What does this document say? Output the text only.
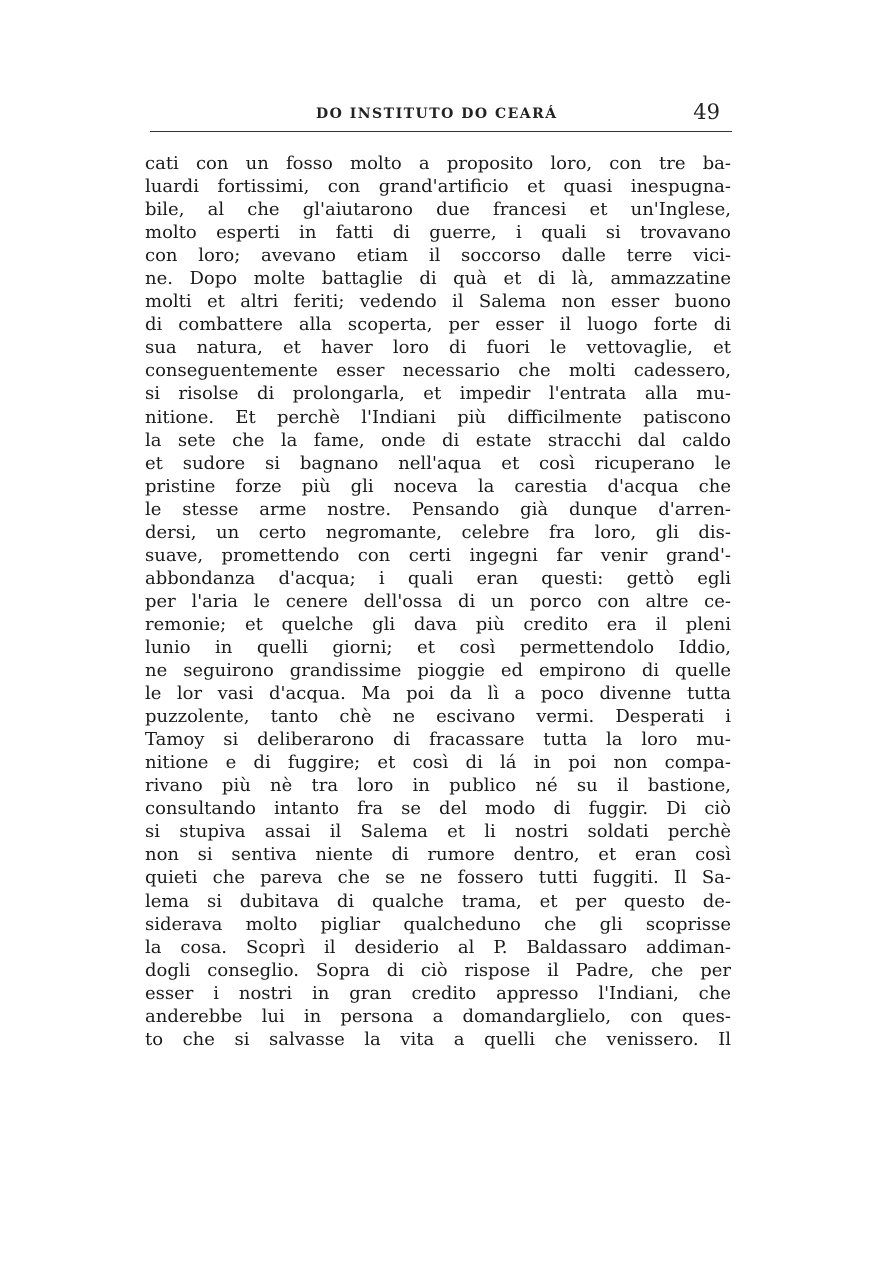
DO INSTITUTO DO CEARÁ	49
cati con un fosso molto a proposito loro, con tre ba-
luardi fortissimi, con grand'artificio et quasi inespugna-
bile, al che gl'aiutarono due francesi et un'Inglese,
molto esperti in fatti di guerre, i quali si trovavano
con loro; avevano etiam il soccorso dalle terre vici-
ne. Dopo molte battaglie di quà et di là, ammazzatine
molti et altri feriti; vedendo il Salema non esser buono
di combattere alla scoperta, per esser il luogo forte di
sua natura, et haver loro di fuori le vettovaglie, et
conseguentemente esser necessario che molti cadessero,
si risolse di prolongarla, et impedir l'entrata alla mu-
nitione. Et perchè l'Indiani più difficilmente patiscono
la sete che la fame, onde di estate stracchi dal caldo
et sudore si bagnano nell'aqua et così ricuperano le
pristine forze più gli noceva la carestia d'acqua che
le stesse arme nostre. Pensando già dunque d'arren-
dersi, un certo negromante, celebre fra loro, gli dis-
suave, promettendo con certi ingegni far venir grand'-
abbondanza d'acqua; i quali eran questi: gettò egli
per l'aria le cenere dell'ossa di un porco con altre ce-
remonie; et quelche gli dava più credito era il pleni
lunio in quelli giorni; et così permettendolo Iddio,
ne seguirono grandissime pioggie ed empirono di quelle
le lor vasi d'acqua. Ma poi da lì a poco divenne tutta
puzzolente, tanto chè ne escivano vermi. Desperati i
Tamoy si deliberarono di fracassare tutta la loro mu-
nitione e di fuggire; et così di lá in poi non compa-
rivano più nè tra loro in publico né su il bastione,
consultando intanto fra se del modo di fuggir. Di ciò
si stupiva assai il Salema et li nostri soldati perchè
non si sentiva niente di rumore dentro, et eran così
quieti che pareva che se ne fossero tutti fuggiti. Il Sa-
lema si dubitava di qualche trama, et per questo de-
siderava molto pigliar qualcheduno che gli scoprisse
la cosa. Scoprì il desiderio al P. Baldassaro addiman-
dogli conseglio. Sopra di ciò rispose il Padre, che per
esser i nostri in gran credito appresso l'Indiani, che
anderebbe lui in persona a domandarglielo, con ques-
to che si salvasse la vita a quelli che venissero. Il
